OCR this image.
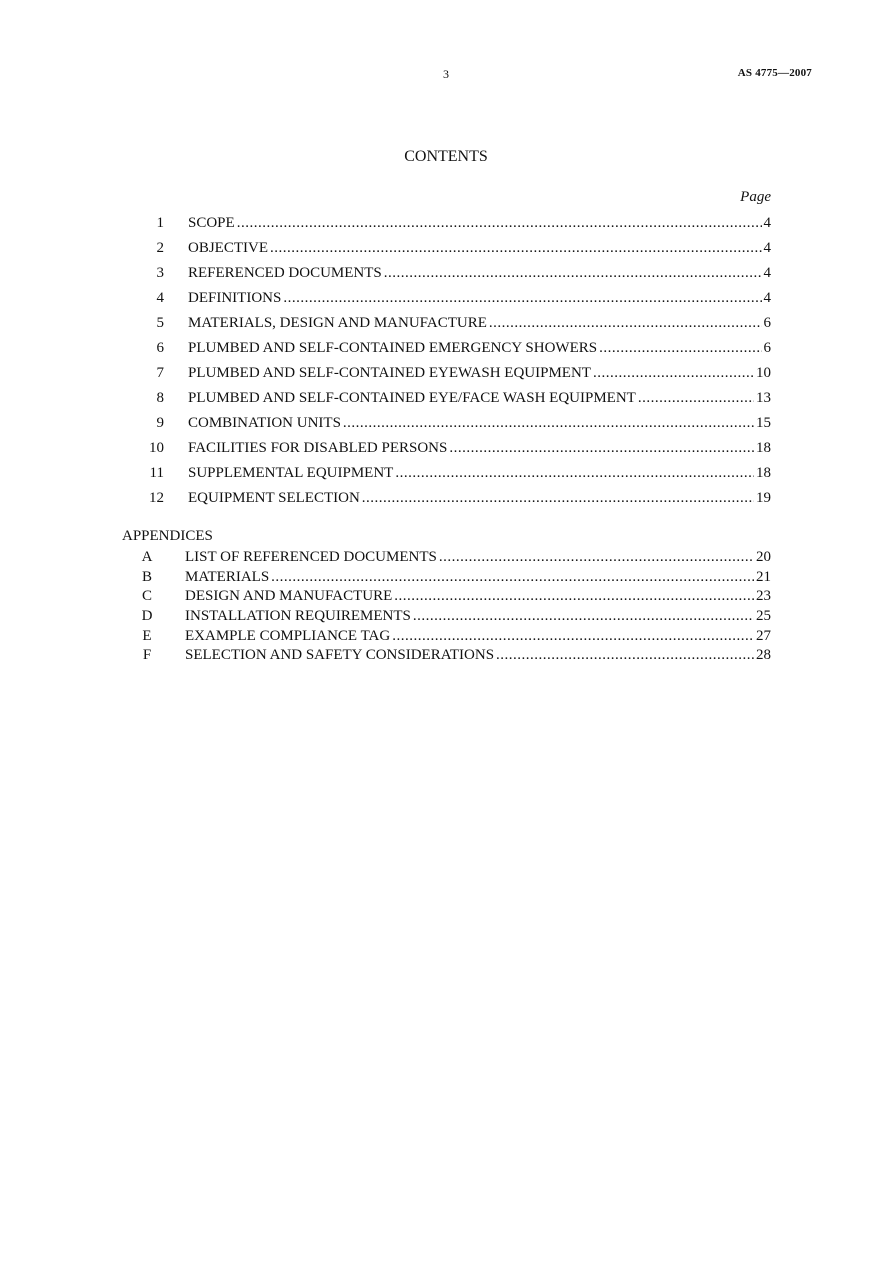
3	AS 4775—2007
CONTENTS
Page
1 SCOPE .....	4
2 OBJECTIVE .....	4
3 REFERENCED DOCUMENTS .....	4
4 DEFINITIONS .....	4
5 MATERIALS, DESIGN AND MANUFACTURE .....	6
6 PLUMBED AND SELF-CONTAINED EMERGENCY SHOWERS .....	6
7 PLUMBED AND SELF-CONTAINED EYEWASH EQUIPMENT .....	10
8 PLUMBED AND SELF-CONTAINED EYE/FACE WASH EQUIPMENT .....	13
9 COMBINATION UNITS .....	15
10 FACILITIES FOR DISABLED PERSONS .....	18
11 SUPPLEMENTAL EQUIPMENT .....	18
12 EQUIPMENT SELECTION .....	19
APPENDICES
A	LIST OF REFERENCED DOCUMENTS .....	20
B	MATERIALS .....	21
C	DESIGN AND MANUFACTURE .....	23
D	INSTALLATION REQUIREMENTS .....	25
E	EXAMPLE COMPLIANCE TAG .....	27
F	SELECTION AND SAFETY CONSIDERATIONS .....	28
